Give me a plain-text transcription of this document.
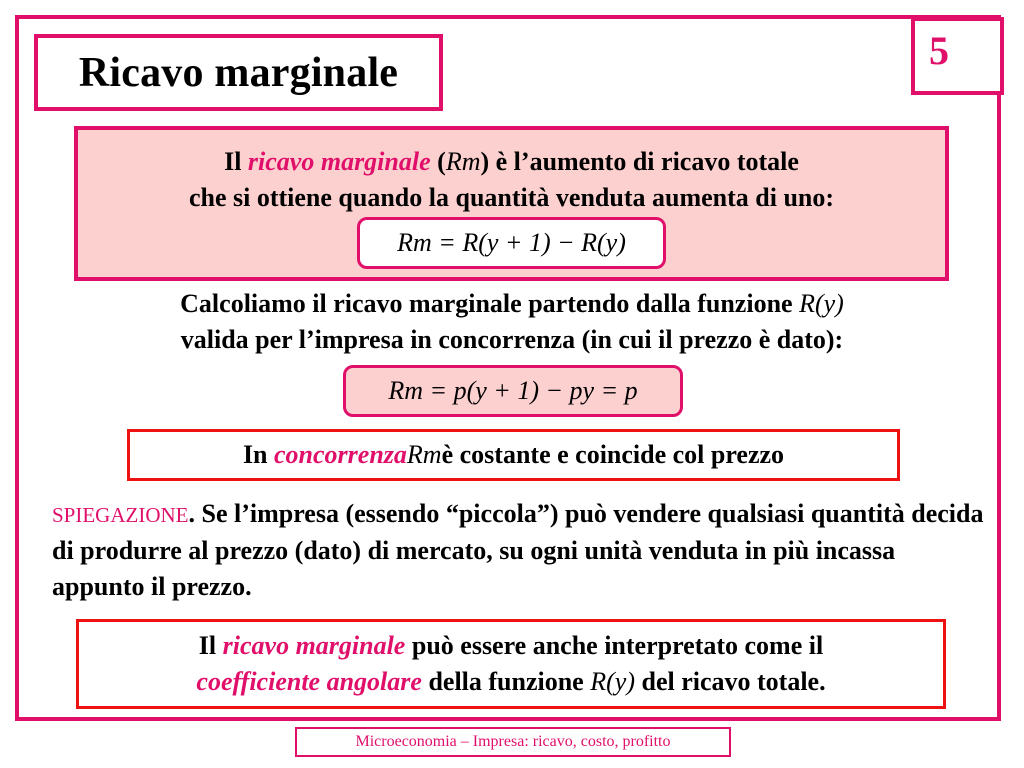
Ricavo marginale	5
Il ricavo marginale (Rm) è l’aumento di ricavo totale
che si ottiene quando la quantità venduta aumenta di uno:
Rm = R(y + 1) − R(y)
Calcoliamo il ricavo marginale partendo dalla funzione R(y)
valida per l’impresa in concorrenza (in cui il prezzo è dato):
Rm = p(y + 1) − py = p
In
concorrenza Rm è costante e coincide col prezzo
SPIEGAZIONE. Se l’impresa (essendo “piccola”) può vendere qualsiasi quantità decida di produrre al prezzo (dato) di mercato, su ogni unità venduta in più incassa appunto il prezzo.
Il ricavo marginale può essere anche interpretato come il
coefficiente angolare della funzione R(y) del ricavo totale.
Microeconomia – Impresa: ricavo, costo, profitto
